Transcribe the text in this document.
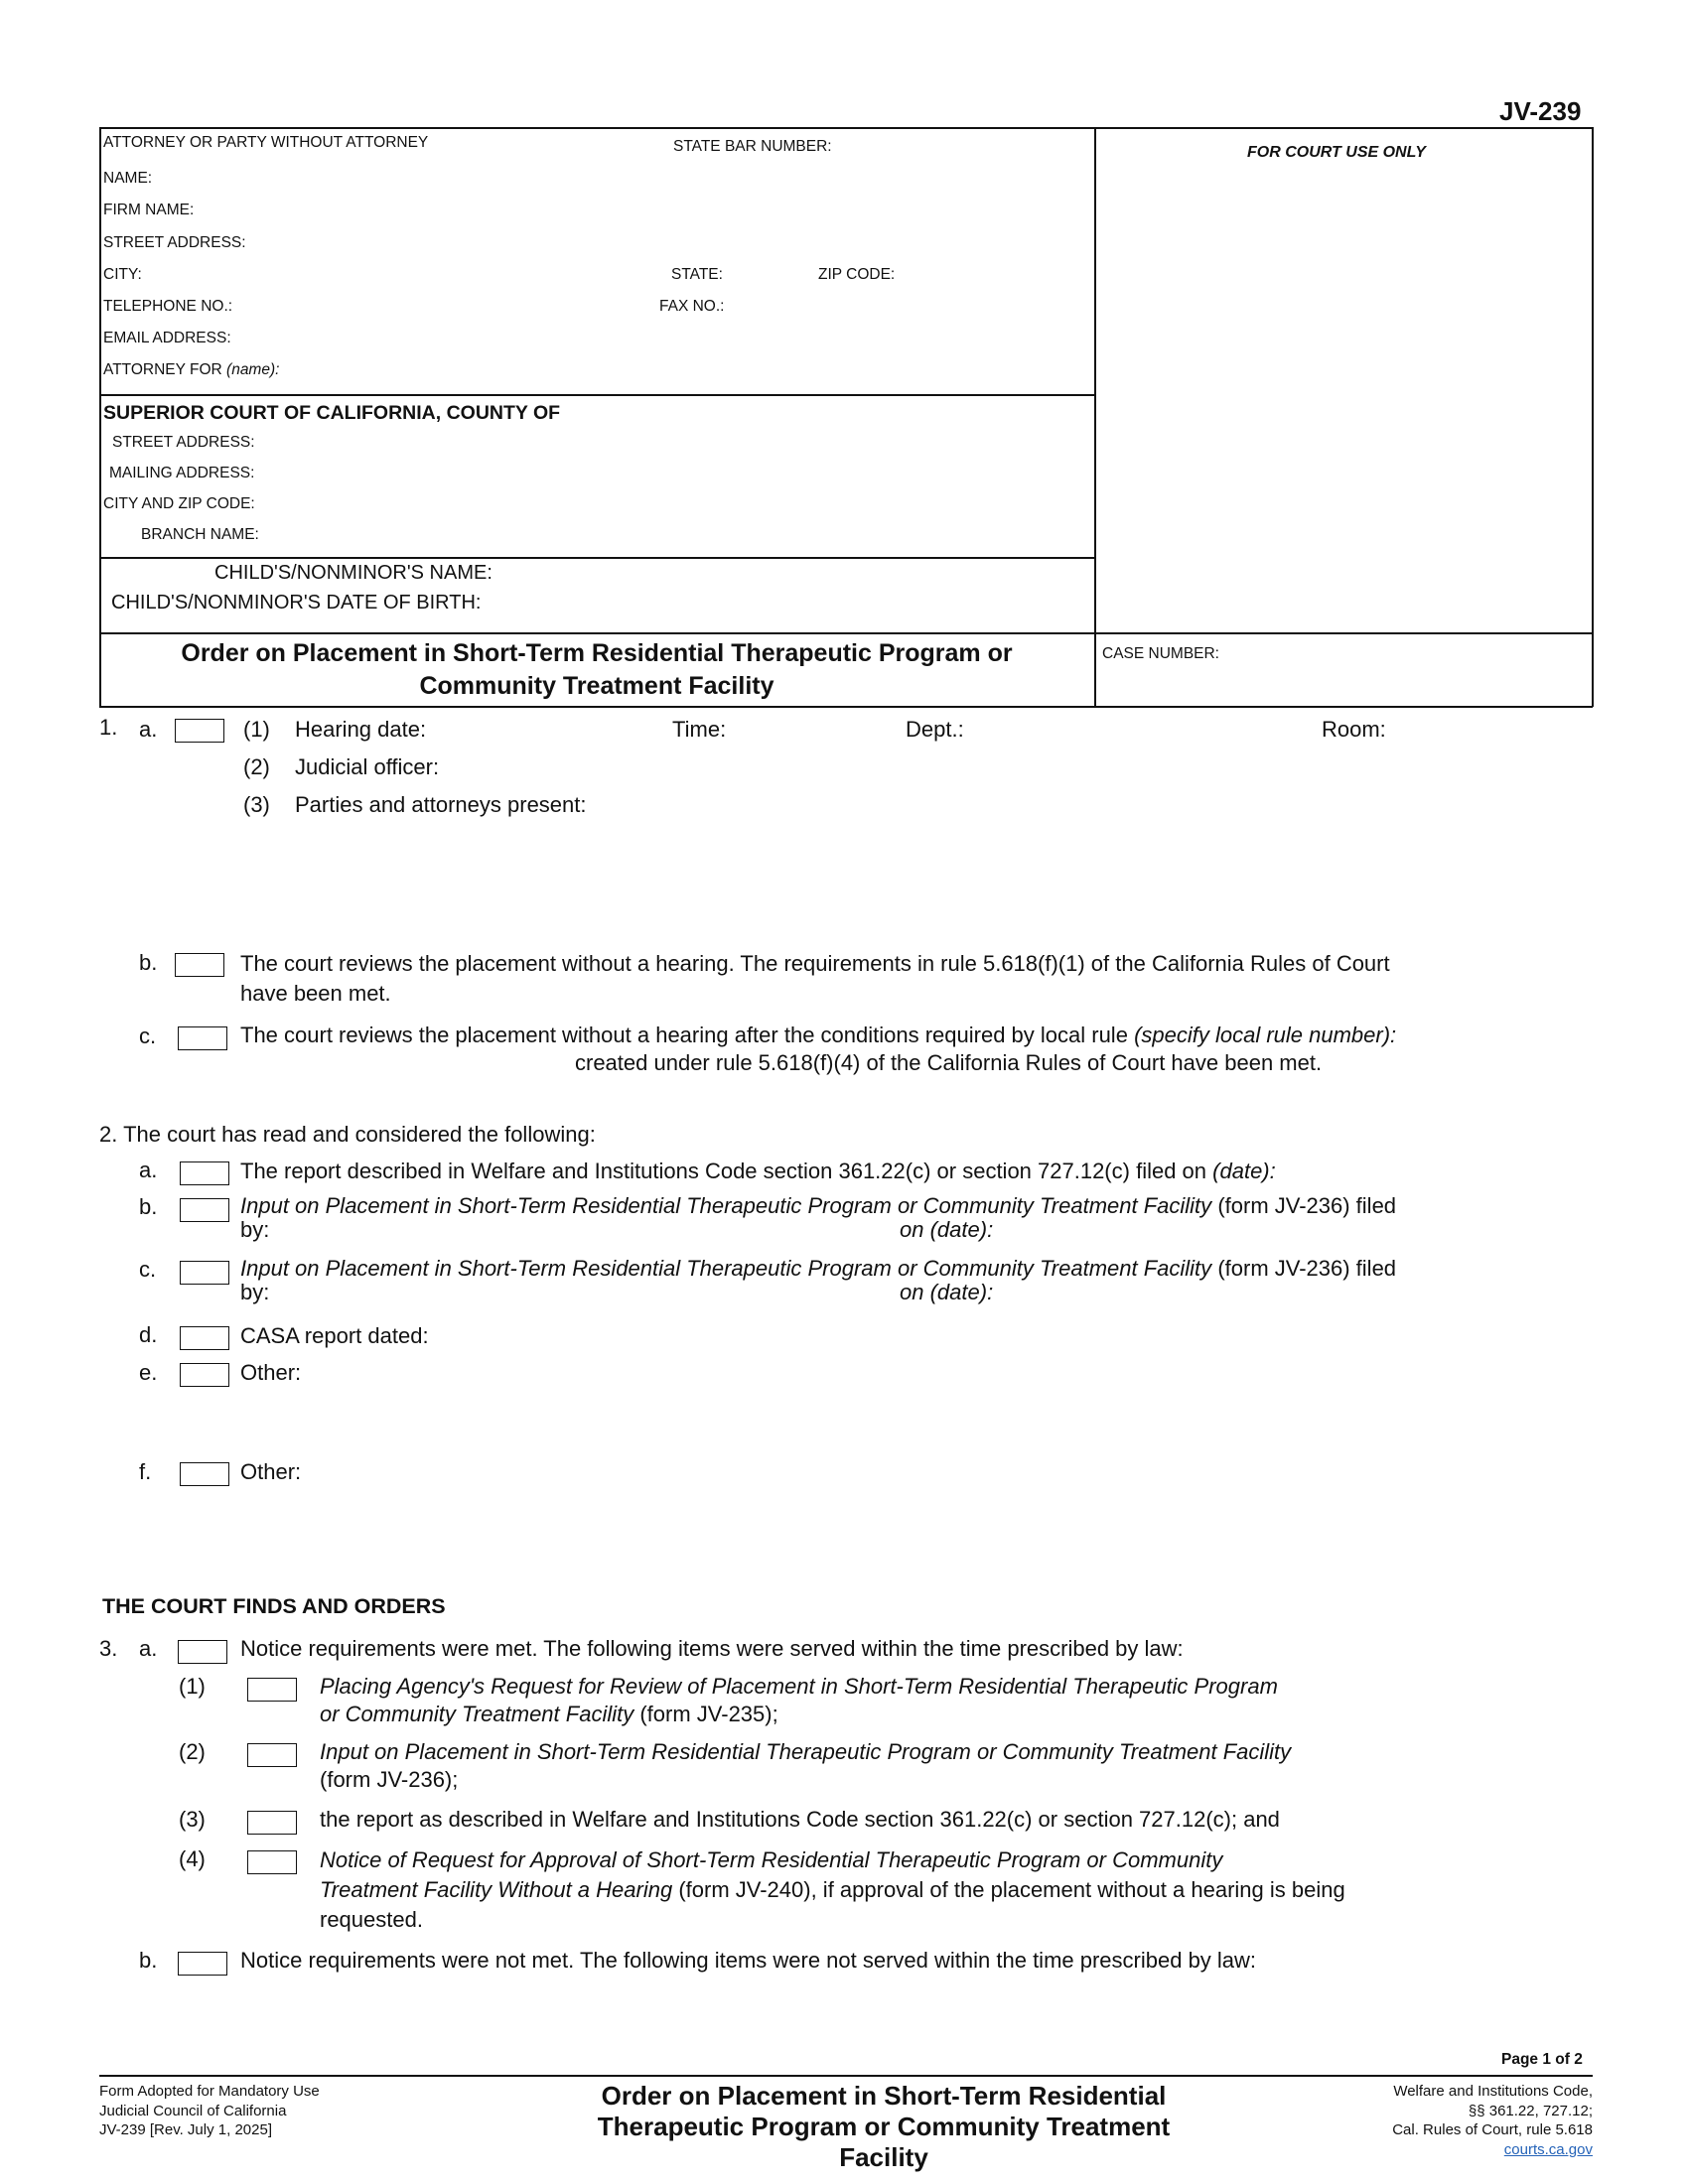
JV-239
ATTORNEY OR PARTY WITHOUT ATTORNEY	STATE BAR NUMBER:
NAME:
FIRM NAME:
STREET ADDRESS:
CITY:	STATE:	ZIP CODE:
TELEPHONE NO.:	FAX NO.:
EMAIL ADDRESS:
ATTORNEY FOR (name):
FOR COURT USE ONLY
SUPERIOR COURT OF CALIFORNIA, COUNTY OF
STREET ADDRESS:
MAILING ADDRESS:
CITY AND ZIP CODE:
BRANCH NAME:
CHILD'S/NONMINOR'S NAME:
CHILD'S/NONMINOR'S DATE OF BIRTH:
Order on Placement in Short-Term Residential Therapeutic Program or
Community Treatment Facility
CASE NUMBER:
1. a.	(1) Hearing date:	Time:	Dept.:	Room:
(2) Judicial officer:
(3) Parties and attorneys present:
b.	The court reviews the placement without a hearing. The requirements in rule 5.618(f)(1) of the California Rules of Court
have been met.
c.	The court reviews the placement without a hearing after the conditions required by local rule (specify local rule number):
created under rule 5.618(f)(4) of the California Rules of Court have been met.
2. The court has read and considered the following:
a.	The report described in Welfare and Institutions Code section 361.22(c) or section 727.12(c) filed on (date):
b.	Input on Placement in Short-Term Residential Therapeutic Program or Community Treatment Facility (form JV-236) filed
by:	on (date):
c.	Input on Placement in Short-Term Residential Therapeutic Program or Community Treatment Facility (form JV-236) filed
by:	on (date):
d.	CASA report dated:
e.	Other:
f.	Other:
THE COURT FINDS AND ORDERS
3. a.	Notice requirements were met. The following items were served within the time prescribed by law:
(1)	Placing Agency's Request for Review of Placement in Short-Term Residential Therapeutic Program
or Community Treatment Facility (form JV-235);
(2)	Input on Placement in Short-Term Residential Therapeutic Program or Community Treatment Facility
(form JV-236);
(3)	the report as described in Welfare and Institutions Code section 361.22(c) or section 727.12(c); and
(4)	Notice of Request for Approval of Short-Term Residential Therapeutic Program or Community
Treatment Facility Without a Hearing (form JV-240), if approval of the placement without a hearing is being
requested.
b.	Notice requirements were not met. The following items were not served within the time prescribed by law:
Page 1 of 2
Form Adopted for Mandatory Use
Judicial Council of California
JV-239 [Rev. July 1, 2025]
Order on Placement in Short-Term Residential
Therapeutic Program or Community Treatment
Facility
Welfare and Institutions Code,
§§ 361.22, 727.12;
Cal. Rules of Court, rule 5.618
courts.ca.gov
